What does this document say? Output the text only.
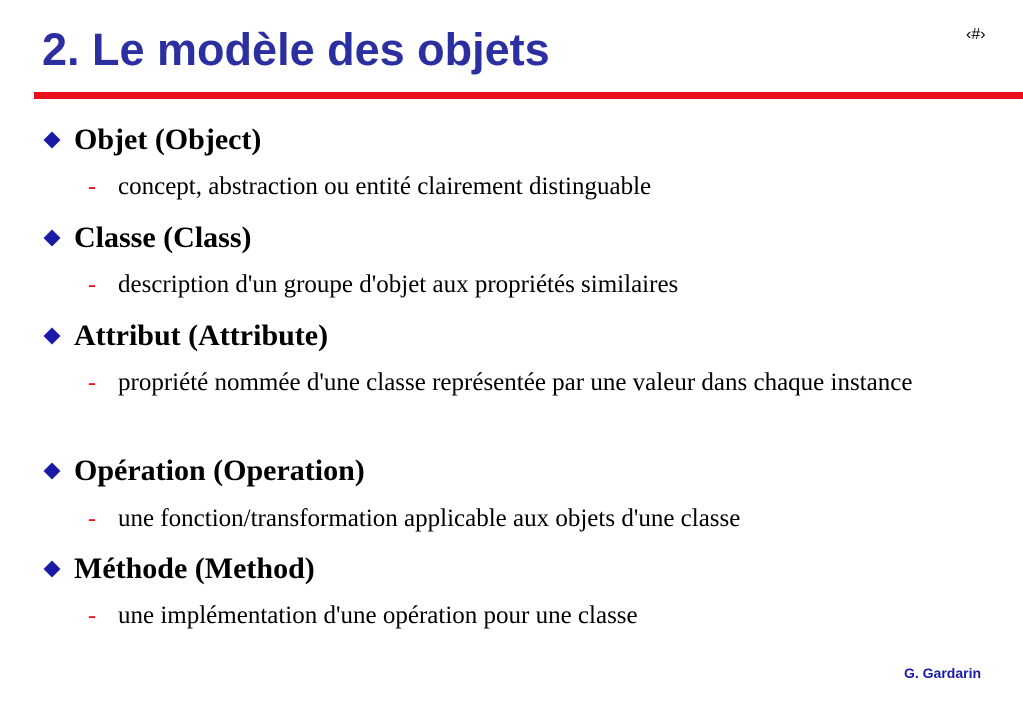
2. Le modèle des objets	‹#›
Objet (Object)
- concept, abstraction ou entité clairement distinguable
Classe (Class)
- description d'un groupe d'objet aux propriétés similaires
Attribut (Attribute)
- propriété nommée d'une classe représentée par une valeur dans chaque instance
Opération (Operation)
- une fonction/transformation applicable aux objets d'une classe
Méthode (Method)
- une implémentation d'une opération pour une classe
G. Gardarin
